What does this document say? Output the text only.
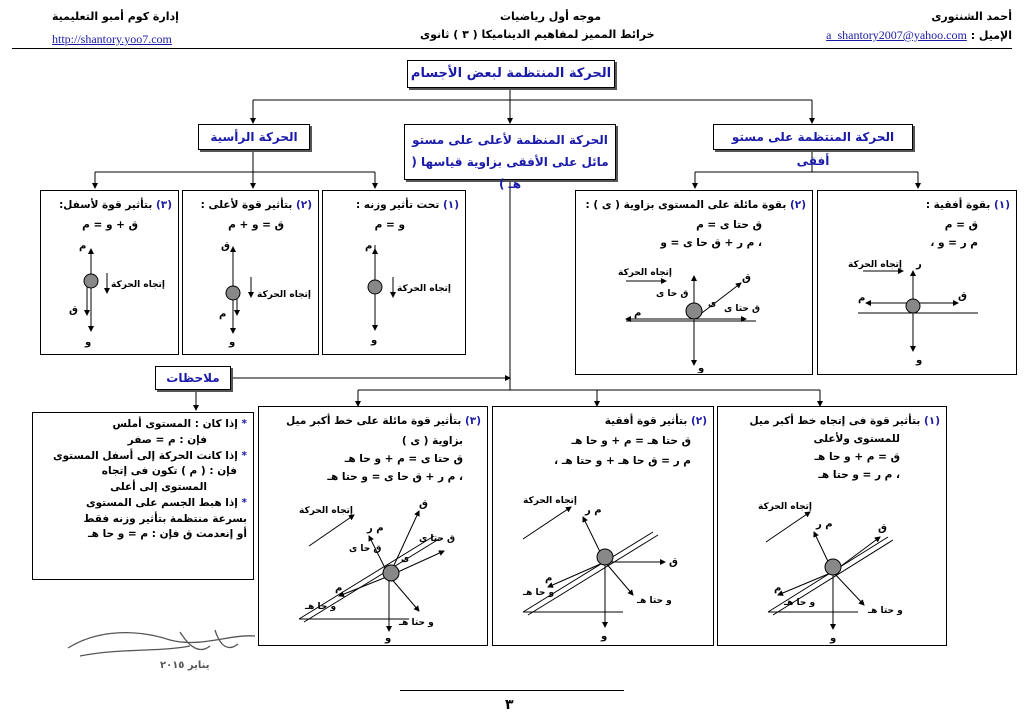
أحمد الشنتورى
الإميل : a_shantory2007@yahoo.com
موجه أول رياضيات
خرائط المميز لمفاهيم الديناميكا ( ٣ ) ثانوى
إدارة كوم أمبو التعليمية
http://shantory.yoo7.com
الحركة المنتظمة لبعض الأجسام
الحركة المنتظمة على مستو أفقى
الحركة المنظمة لأعلى على مستو
مائل على الأفقى بزاوية قياسها ( هـ )
الحركة الرأسية
(١) بقوة أفقية :
ق = م
م ر = و ،
إتجاه الحركة
م	ق
ر
و
(٢) بقوة مائلة على المستوى بزاوية ( ى ) :
ق حتا ى = م
، م ر + ق حا ى = و
إتجاه الحركة
ق حا ى
ق حتا ى
ق
ى
م
و
(١) تحت تأثير وزنه :
و = م
م
إتجاه الحركة
و
(٢) بتأثير قوة لأعلى :
ق = و + م
ق
إتجاه الحركة
م
و
(٣) بتأثير قوة لأسفل:
ق + و = م
م
إتجاه الحركة
ق
و
ملاحظات
* إذا كان : المستوى أملس
فإن : م = صفر
* إذا كانت الحركة إلى أسفل المستوى
فإن : ( م ) تكون فى إتجاه
المستوى إلى أعلى
* إذا هبط الجسم على المستوى
بسرعة منتظمة بتأثير وزنه فقط
أو إنعدمت ق فإن : م = و حا هـ
(١) بتأثير قوة فى إتجاه خط أكبر ميل
للمستوى ولأعلى
ق = م + و حا هـ
، م ر = و حتا هـ
إتجاه الحركة
ق
م ر
م
و حتا هـ
و حا هـ
و
(٢) بتأثير قوة أفقية
ق حتا هـ = م + و حا هـ
م ر = ق حا هـ + و حتا هـ ،
إتجاه الحركة
ق
م ر
م
و حتا هـ
و حا هـ
و
(٣) بتأثير قوة مائلة على خط أكبر ميل
بزاوية ( ى )
ق حتا ى = م + و حا هـ
، م ر + ق حا ى = و حتا هـ
إتجاه الحركة
ق
ق حتا ى
ق حا ى
ى
م ر
م
و حتا هـ
و حا هـ
و
يناير ٢٠١٥
٣
